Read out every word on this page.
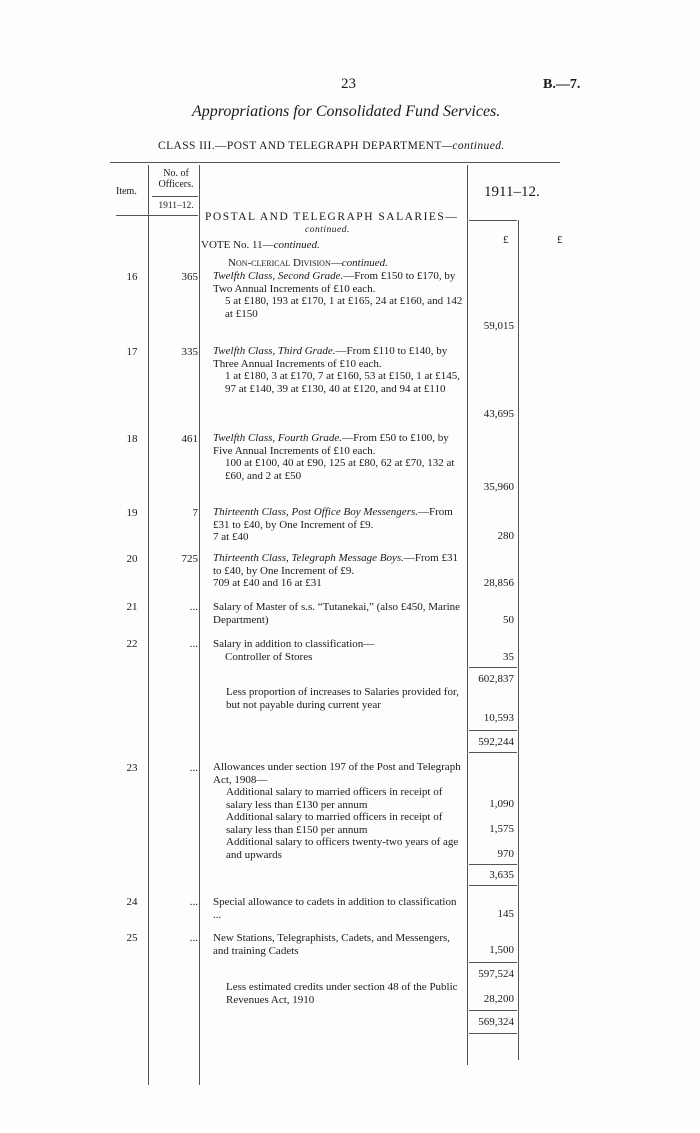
23	B.—7.
Appropriations for Consolidated Fund Services.
CLASS III.—POST AND TELEGRAPH DEPARTMENT—continued.
Item.
No. of Officers.
1911–12.
1911–12.
£	£
POSTAL AND TELEGRAPH SALARIES—
continued.
VOTE No. 11—continued.
Non-clerical Division—continued.
16	365 Twelfth Class, Second Grade.—From £150 to £170, by Two Annual Increments of £10 each.
5 at £180, 193 at £170, 1 at £165, 24 at £160, and 142 at £150
59,015
17	335 Twelfth Class, Third Grade.—From £110 to £140, by Three Annual Increments of £10 each.
1 at £180, 3 at £170, 7 at £160, 53 at £150, 1 at £145, 97 at £140, 39 at £130, 40 at £120, and 94 at £110
43,695
18	461 Twelfth Class, Fourth Grade.—From £50 to £100, by Five Annual Increments of £10 each.
100 at £100, 40 at £90, 125 at £80, 62 at £70, 132 at £60, and 2 at £50
35,960
19	7 Thirteenth Class, Post Office Boy Messengers.—From £31 to £40, by One Increment of £9.
7 at £40	280
20	725 Thirteenth Class, Telegraph Message Boys.—From £31 to £40, by One Increment of £9.
709 at £40 and 16 at £31	28,856
21	... Salary of Master of s.s. “Tutanekai,” (also £450, Marine Department)	50
22	... Salary in addition to classification—
Controller of Stores	35
602,837
Less proportion of increases to Salaries provided for, but not payable during current year
10,593
592,244
23	... Allowances under section 197 of the Post and Telegraph Act, 1908—
Additional salary to married officers in receipt of salary less than £130 per annum	1,090
Additional salary to married officers in receipt of salary less than £150 per annum	1,575
Additional salary to officers twenty-two years of age and upwards	970
3,635
24	... Special allowance to cadets in addition to classification ...	145
25	... New Stations, Telegraphists, Cadets, and Messengers, and training Cadets	1,500
597,524
Less estimated credits under section 48 of the Public Revenues Act, 1910	28,200
569,324
